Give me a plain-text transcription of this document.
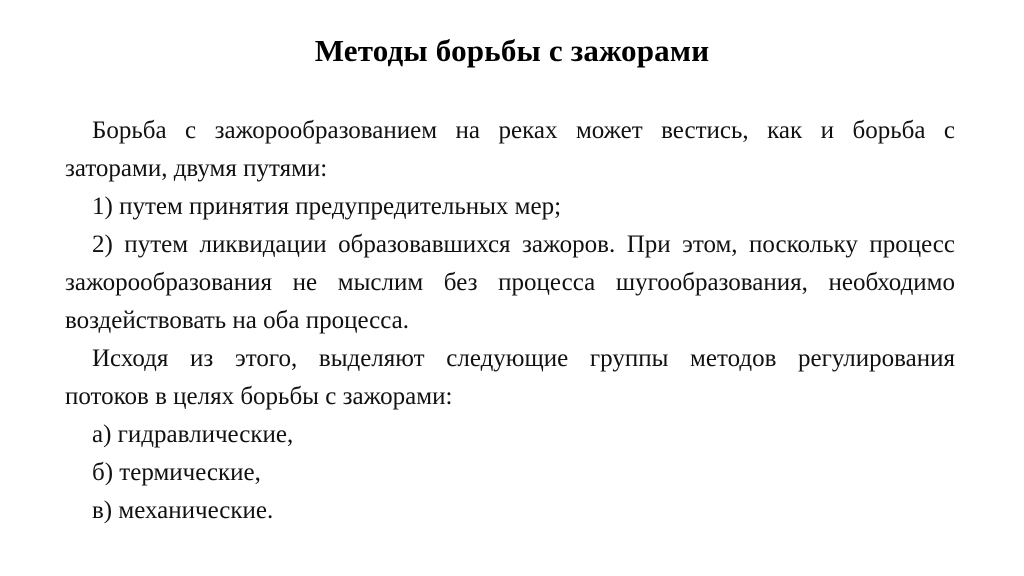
Методы борьбы с зажорами
Борьба с зажорообразованием на реках может вестись, как и борьба с
заторами, двумя путями:
1) путем принятия предупредительных мер;
2) путем ликвидации образовавшихся зажоров. При этом, поскольку процесс
зажорообразования не мыслим без процесса шугообразования, необходимо
воздействовать на оба процесса.
Исходя из этого, выделяют следующие группы методов регулирования
потоков в целях борьбы с зажорами:
а) гидравлические,
б) термические,
в) механические.
